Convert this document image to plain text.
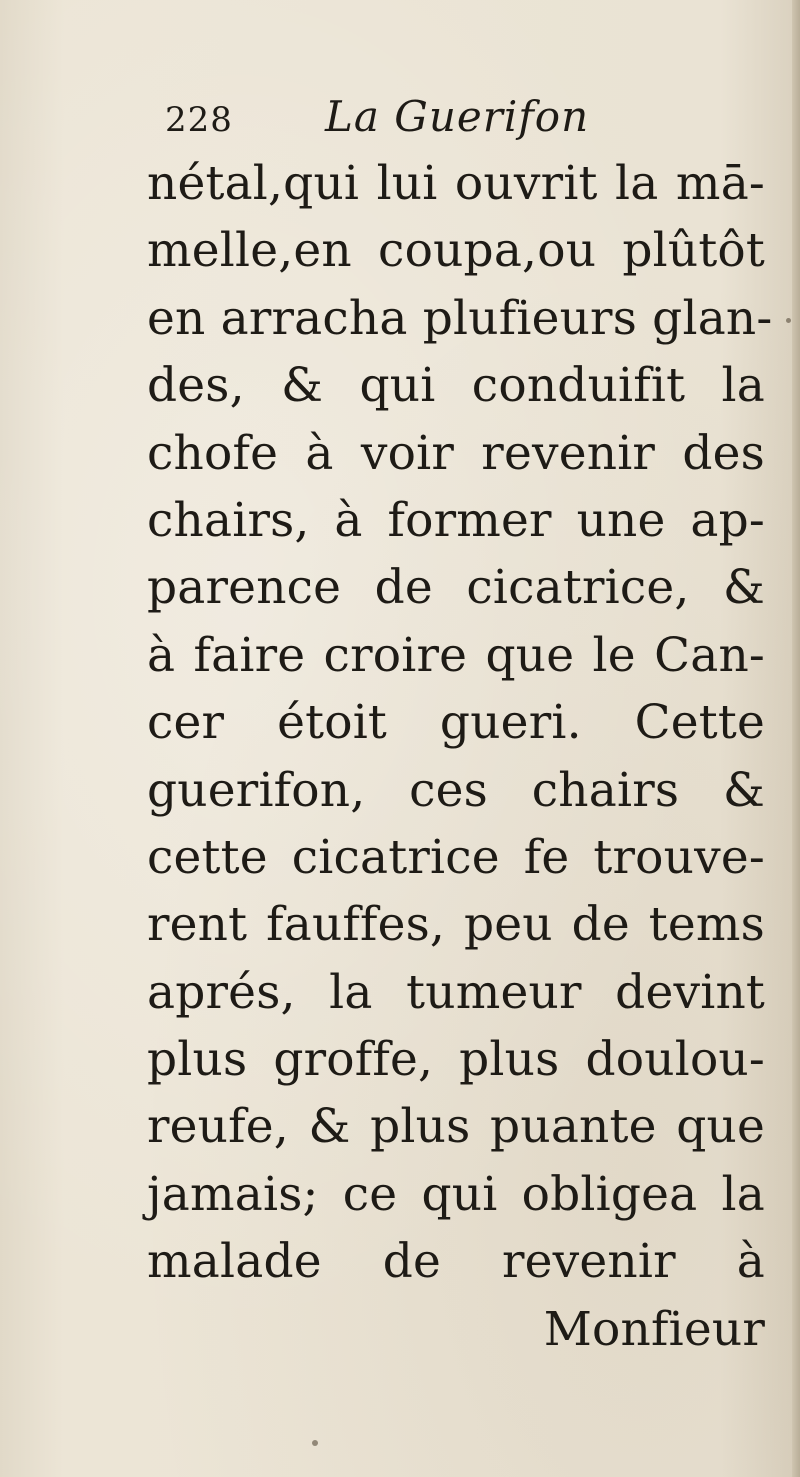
228 La Guerifon
nétal,qui lui ouvrit la mā-
melle,en coupa,ou plûtôt
en arracha plufieurs glan-
des, & qui conduifit la
chofe à voir revenir des
chairs, à former une ap-
parence de cicatrice, &
à faire croire que le Can-
cer étoit gueri. Cette
guerifon, ces chairs &
cette cicatrice fe trouve-
rent fauffes, peu de tems
aprés, la tumeur devint
plus groffe, plus doulou-
reufe, & plus puante que
jamais; ce qui obligea la
malade de revenir à
Monfieur
